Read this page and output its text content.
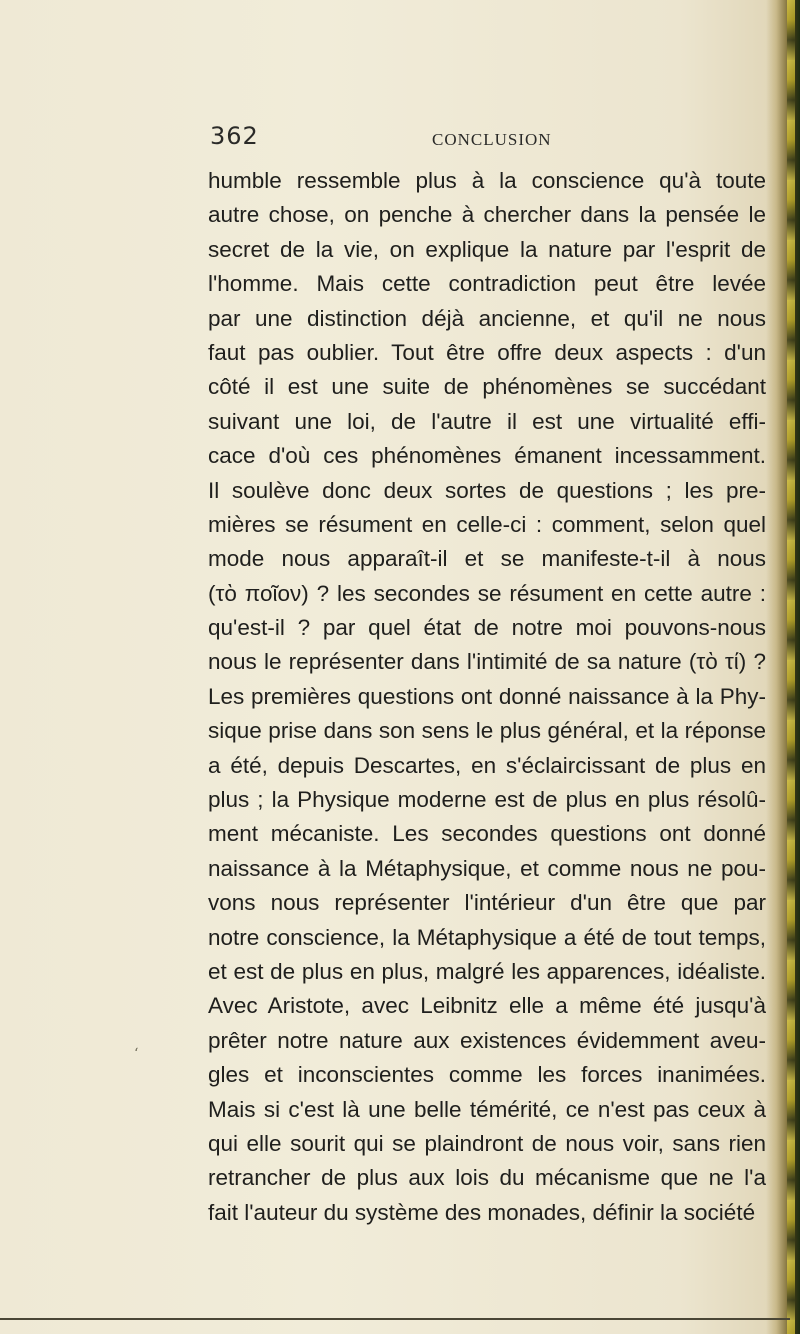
362	CONCLUSION
humble ressemble plus à la conscience qu'à toute
autre chose, on penche à chercher dans la pensée le
secret de la vie, on explique la nature par l'esprit de
l'homme. Mais cette contradiction peut être levée
par une distinction déjà ancienne, et qu'il ne nous
faut pas oublier. Tout être offre deux aspects : d'un
côté il est une suite de phénomènes se succédant
suivant une loi, de l'autre il est une virtualité effi-
cace d'où ces phénomènes émanent incessamment.
Il soulève donc deux sortes de questions ; les pre-
mières se résument en celle-ci : comment, selon quel
mode nous apparaît-il et se manifeste-t-il à nous
(τὸ ποῖον) ? les secondes se résument en cette autre :
qu'est-il ? par quel état de notre moi pouvons-nous
nous le représenter dans l'intimité de sa nature (τὸ τί) ?
Les premières questions ont donné naissance à la Phy-
sique prise dans son sens le plus général, et la réponse
a été, depuis Descartes, en s'éclaircissant de plus en
plus ; la Physique moderne est de plus en plus résolû-
ment mécaniste. Les secondes questions ont donné
naissance à la Métaphysique, et comme nous ne pou-
vons nous représenter l'intérieur d'un être que par
notre conscience, la Métaphysique a été de tout temps,
et est de plus en plus, malgré les apparences, idéaliste.
Avec Aristote, avec Leibnitz elle a même été jusqu'à
prêter notre nature aux existences évidemment aveu-
gles et inconscientes comme les forces inanimées.
Mais si c'est là une belle témérité, ce n'est pas ceux à
qui elle sourit qui se plaindront de nous voir, sans rien
retrancher de plus aux lois du mécanisme que ne l'a
fait l'auteur du système des monades, définir la société
‘
